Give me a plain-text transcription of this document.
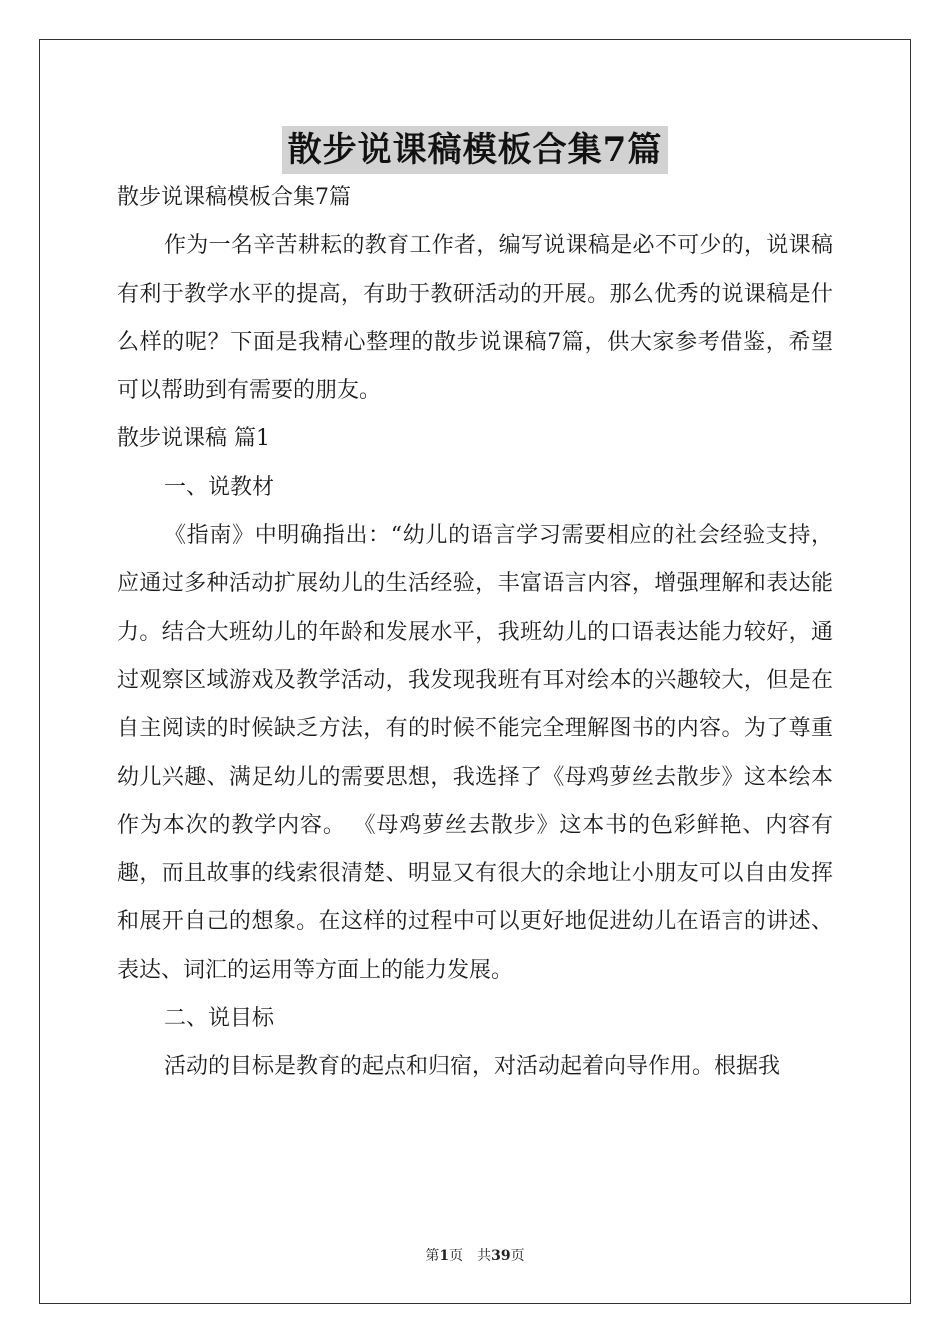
散步说课稿模板合集7篇

散步说课稿模板合集7篇

作为一名辛苦耕耘的教育工作者，编写说课稿是必不可少的，说课稿有利于教学水平的提高，有助于教研活动的开展。那么优秀的说课稿是什么样的呢？下面是我精心整理的散步说课稿7篇，供大家参考借鉴，希望可以帮助到有需要的朋友。

散步说课稿 篇1

一、说教材

《指南》中明确指出：“幼儿的语言学习需要相应的社会经验支持，应通过多种活动扩展幼儿的生活经验，丰富语言内容，增强理解和表达能力。结合大班幼儿的年龄和发展水平，我班幼儿的口语表达能力较好，通过观察区域游戏及教学活动，我发现我班有耳对绘本的兴趣较大，但是在自主阅读的时候缺乏方法，有的时候不能完全理解图书的内容。为了尊重幼儿兴趣、满足幼儿的需要思想，我选择了《母鸡萝丝去散步》这本绘本作为本次的教学内容。 《母鸡萝丝去散步》这本书的色彩鲜艳、内容有趣，而且故事的线索很清楚、明显又有很大的余地让小朋友可以自由发挥和展开自己的想象。在这样的过程中可以更好地促进幼儿在语言的讲述、表达、词汇的运用等方面上的能力发展。

二、说目标

活动的目标是教育的起点和归宿，对活动起着向导作用。根据我

第1页　共39页
